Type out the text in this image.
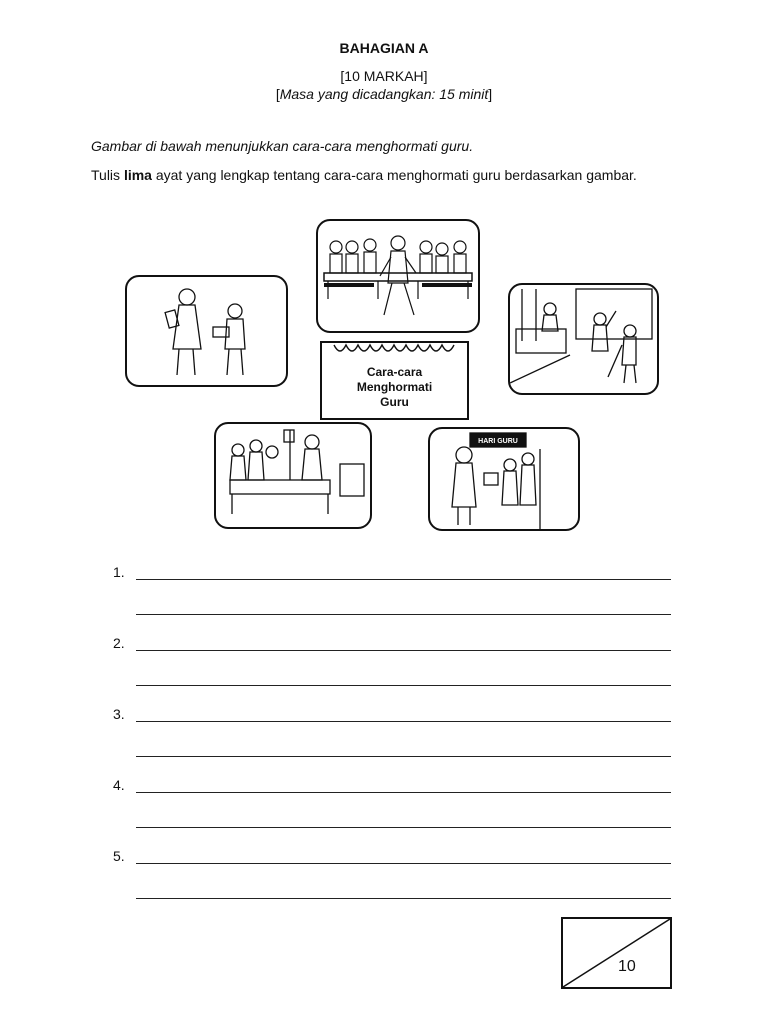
BAHAGIAN A
[10 MARKAH]
[Masa yang dicadangkan: 15 minit]
Gambar di bawah menunjukkan cara-cara menghormati guru.
Tulis lima ayat yang lengkap tentang cara-cara menghormati guru berdasarkan gambar.
Cara-cara
Menghormati
Guru
HARI GURU
1.
2.
3.
4.
5.
10
